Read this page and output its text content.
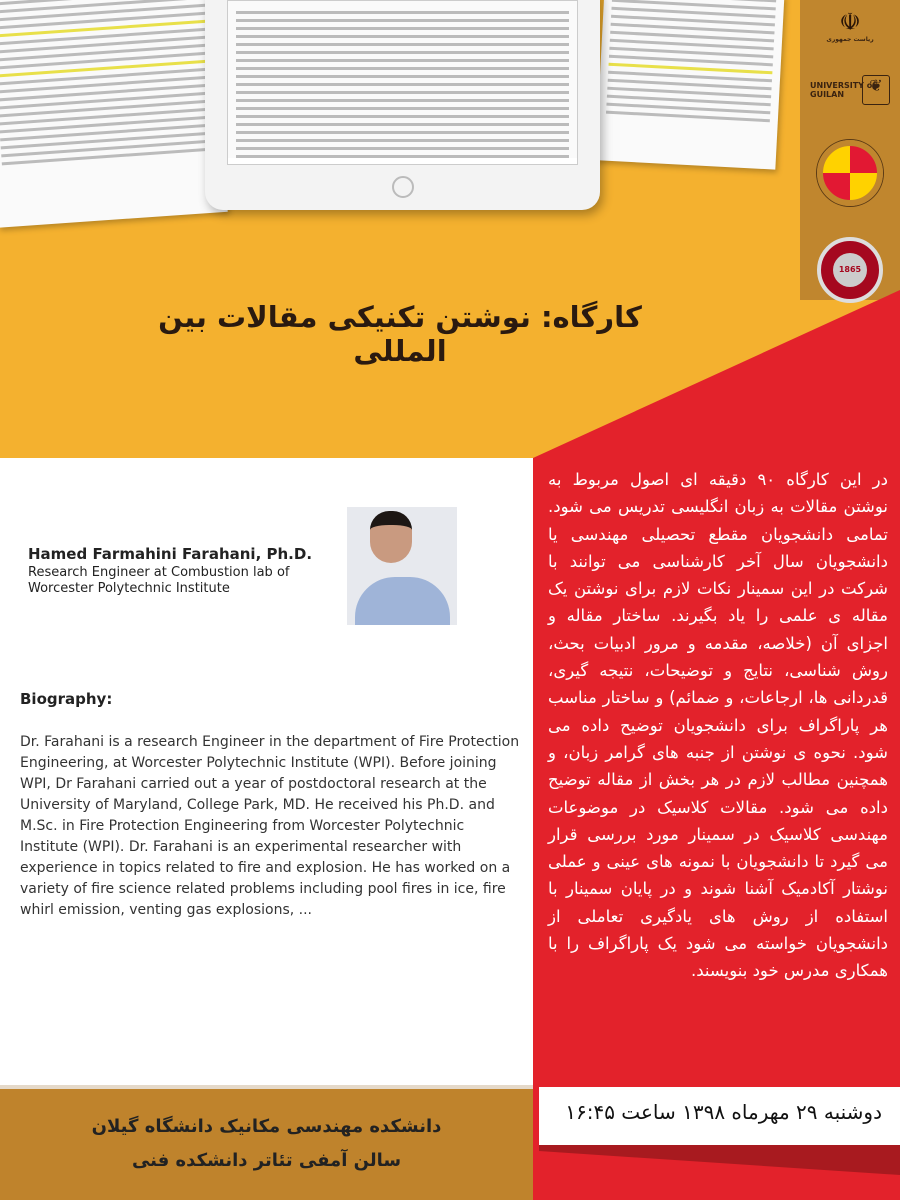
☫
ریاست جمهوری
❦
UNIVERSITY of
GUILAN
1865
کارگاه: نوشتن تکنیکی مقالات بین المللی
در این کارگاه ۹۰ دقیقه ای اصول مربوط به نوشتن مقالات به زبان انگلیسی تدریس می شود. تمامی دانشجویان مقطع تحصیلی مهندسی یا دانشجویان سال آخر کارشناسی می توانند با شرکت در این سمینار نکات لازم برای نوشتن یک مقاله ی علمی را یاد بگیرند. ساختار مقاله و اجزای آن (خلاصه، مقدمه و مرور ادبیات بحث، روش شناسی، نتایج و توضیحات، نتیجه گیری، قدردانی ها، ارجاعات، و ضمائم) و ساختار مناسب هر پاراگراف برای دانشجویان توضیح داده می شود. نحوه ی نوشتن از جنبه های گرامر زبان، و همچنین مطالب لازم در هر بخش از مقاله توضیح داده می شود. مقالات کلاسیک در موضوعات مهندسی کلاسیک در سمینار مورد بررسی قرار می گیرد تا دانشجویان با نمونه های عینی و عملی نوشتار آکادمیک آشنا شوند و در پایان سمینار با استفاده از روش های یادگیری تعاملی از دانشجویان خواسته می شود یک پاراگراف را با همکاری مدرس خود بنویسند.
Hamed Farmahini Farahani, Ph.D.
Research Engineer at Combustion lab of
Worcester Polytechnic Institute
Biography:
Dr. Farahani is a research Engineer in the department of Fire Protection Engineering, at Worcester Polytechnic Institute (WPI). Before joining WPI, Dr Farahani carried out a year of postdoctoral research at the University of Maryland, College Park, MD. He received his Ph.D. and M.Sc. in Fire Protection Engineering from Worcester Polytechnic Institute (WPI). Dr. Farahani is an experimental researcher with experience in topics related to fire and explosion. He has worked on a variety of fire science related problems including pool fires in ice, fire whirl emission, venting gas explosions, ...
دانشکده مهندسی مکانیک دانشگاه گیلان
سالن آمفی تئاتر دانشکده فنی
دوشنبه ۲۹ مهرماه ۱۳۹۸ ساعت ۱۶:۴۵
